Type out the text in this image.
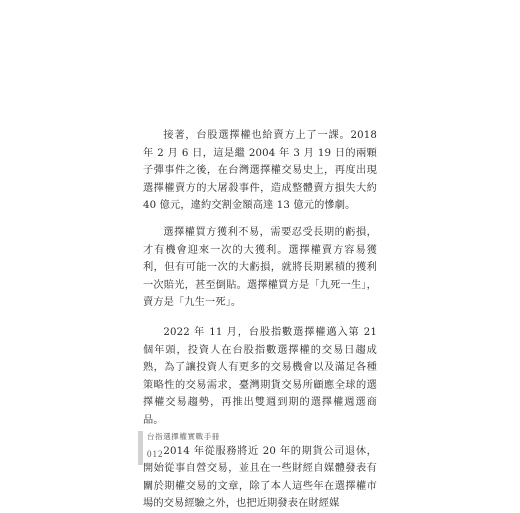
接著，台股選擇權也給賣方上了一課。2018 年 2 月 6 日，這是繼 2004 年 3 月 19 日的兩顆子彈事件之後，在台灣選擇權交易史上，再度出現選擇權賣方的大屠殺事件，造成整體賣方損失大約 40 億元，違約交割金額高達 13 億元的慘劇。

選擇權買方獲利不易，需要忍受長期的虧損，才有機會迎來一次的大獲利。選擇權賣方容易獲利，但有可能一次的大虧損，就將長期累積的獲利一次賠光，甚至倒貼。選擇權買方是「九死一生」，賣方是「九生一死」。

2022 年 11 月，台股指數選擇權邁入第 21 個年頭，投資人在台股指數選擇權的交易日趨成熟，為了讓投資人有更多的交易機會以及滿足各種策略性的交易需求，臺灣期貨交易所顧應全球的選擇權交易趨勢，再推出雙週到期的選擇權週選商品。

2014 年從服務將近 20 年的期貨公司退休，開始從事自營交易，並且在一些財經自媒體發表有關於期權交易的文章，除了本人這些年在選擇權市場的交易經驗之外，也把近期發表在財經媒

台指選擇權實戰手冊
012
